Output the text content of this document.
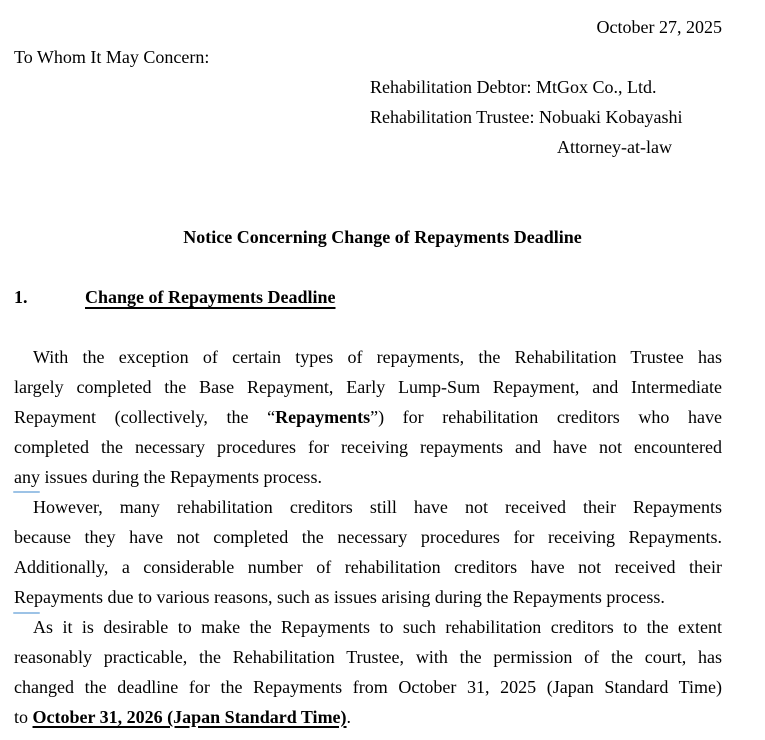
October 27, 2025
To Whom It May Concern:
Rehabilitation Debtor: MtGox Co., Ltd.
Rehabilitation Trustee: Nobuaki Kobayashi
Attorney-at-law
Notice Concerning Change of Repayments Deadline
1.	Change of Repayments Deadline
With the exception of certain types of repayments, the Rehabilitation Trustee has
largely completed the Base Repayment, Early Lump-Sum Repayment, and Intermediate
Repayment (collectively, the “Repayments”) for rehabilitation creditors who have
completed the necessary procedures for receiving repayments and have not encountered
any issues during the Repayments process.
However, many rehabilitation creditors still have not received their Repayments
because they have not completed the necessary procedures for receiving Repayments.
Additionally, a considerable number of rehabilitation creditors have not received their
Repayments due to various reasons, such as issues arising during the Repayments process.
As it is desirable to make the Repayments to such rehabilitation creditors to the extent
reasonably practicable, the Rehabilitation Trustee, with the permission of the court, has
changed the deadline for the Repayments from October 31, 2025 (Japan Standard Time)
to October 31, 2026 (Japan Standard Time).
